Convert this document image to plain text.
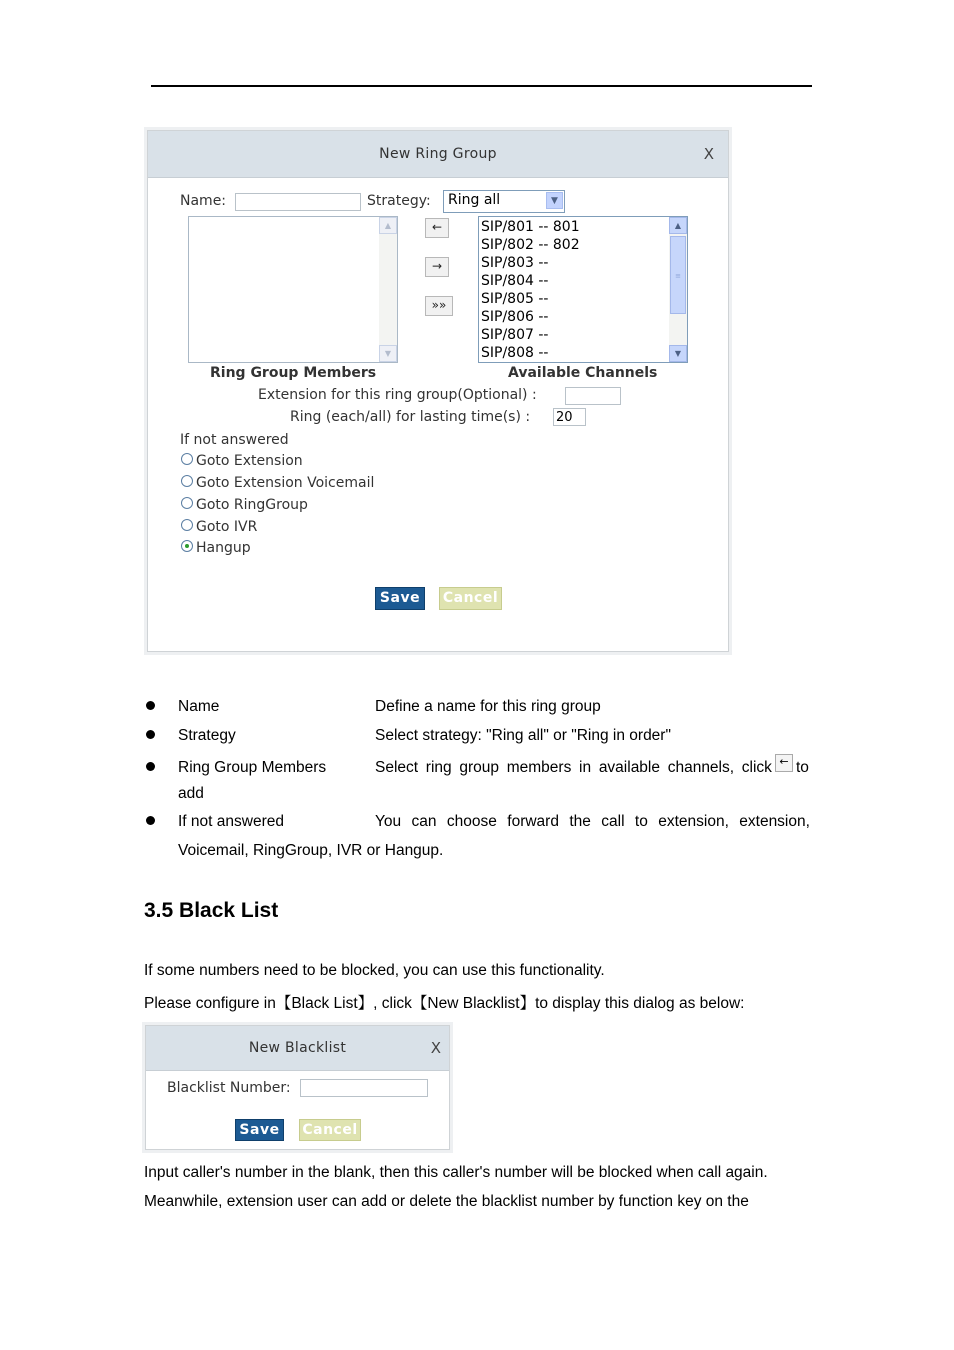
New Ring Group	X
Name:	Strategy: Ring all	▼
▲
▼
←
→
»»
SIP/801 -- 801
SIP/802 -- 802
SIP/803 --
SIP/804 --
SIP/805 --
SIP/806 --
SIP/807 --
SIP/808 --
▲
≡
▼
Ring Group Members	Available Channels
Extension for this ring group(Optional) :
Ring (each/all) for lasting time(s) :
20
If not answered
Goto Extension
Goto Extension Voicemail
Goto RingGroup
Goto IVR
Hangup
Save	Cancel
Name	Define a name for this ring group
Strategy	Select strategy: "Ring all" or "Ring in order"
Ring Group Members	Select ring group members in available channels, click ← to
add
If not answered	You can choose forward the call to extension, extension,
Voicemail, RingGroup, IVR or Hangup.
3.5 Black List
If some numbers need to be blocked, you can use this functionality.
Please configure in【Black List】, click【New Blacklist】to display this dialog as below:
New Blacklist	X
Blacklist Number:
Save	Cancel
Input caller's number in the blank, then this caller's number will be blocked when call again.
Meanwhile, extension user can add or delete the blacklist number by function key on the
